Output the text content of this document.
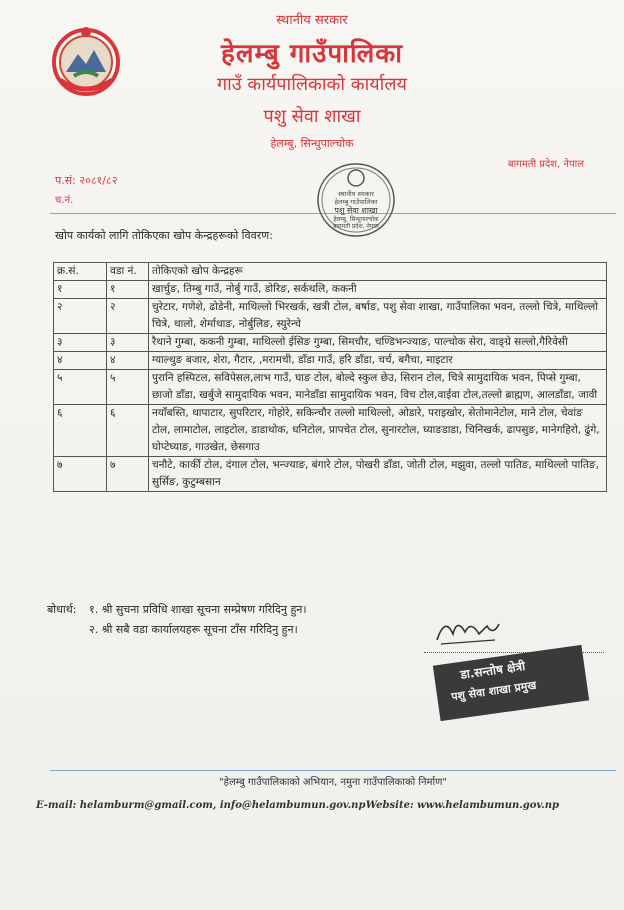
स्थानीय सरकार
हेलम्बु गाउँपालिका
गाउँ कार्यपालिकाको कार्यालय
पशु सेवा शाखा
हेलम्बु, सिन्धुपाल्चोक
बागमती प्रदेश, नेपाल
प.सं: २०८१/८२
च.नं.
स्थानीय सरकार
हेलम्बु गाउँपालिका
पशु सेवा शाखा
हेलम्बु, सिन्धुपाल्चोक
बागमती प्रदेश, नेपाल
खोप कार्यको लागि तोकिएका खोप केन्द्रहरूको विवरण:
क्र.सं.	वडा नं.	तोकिएको खोप केन्द्रहरू
१	१	खार्चुङ, तिम्बु गाउँ, नोर्बु गाउँ, डोरिङ, सर्कथलि, ककनी
२	२	चुरेटार, गणेशे, ढोडेनी, माथिल्लो भिरखर्क, खत्री टोल, बर्षाङ, पशु सेवा शाखा, गाउँपालिका भवन, तल्लो चित्रे, माथिल्लो चित्रे, थालो, शेर्माथाङ, नोर्बुलिङ, स्युरेन्चे
३	३	रैथाने गुम्बा, ककनी गुम्बा, माथिल्लो ईसिङ गुम्बा, सिमचौर, चण्डिभन्ज्याङ, पाल्चोक सेरा, वाङ्ग्रे सल्लो,गैरिवेसी
४	४	ग्याल्थुङ बजार, शेरा, गैटार, ,मरामची, डाँडा गाउँ, हरि डाँडा, चर्च, बगैचा, माइटार
५	५	पुरानि हस्पिटल, सविपेसल,लाभ गाउँ, घाङ टोल, बोल्दे स्कुल छेउ, सिरान टोल, चित्रे सामुदायिक भवन, पिप्से गुम्बा, छाजो डाँडा, खर्बुजे सामुदायिक भवन, मानेडाँडा सामुदायिक भवन, विच टोल,वाईवा टोल,तल्लो ब्राह्मण, आलडाँडा, जावी
६	६	नयाँबस्ति, थापाटार, सुपरिटार, गोहोरे, सकिन्चौर तल्लो माथिल्लो, ओडारे, पराइखोर, सेतोमानेटोल, माने टोल, चेवांङ टोल, लामाटोल, लाइटोल, डाडाथोक, धनिटोल, प्रापचेत टोल, सुनारटोल, घ्याङडाडा, चिनिखर्क, ढापसुङ, मानेगहिरो, ढुंगे, घोप्टेघ्याङ, गाउखेत, छेसगाउ
७	७	चनौटे, कार्की टोल, दंगाल टोल, भन्ज्याङ, बंगारे टोल, पोखरी डाँडा, जोती टोल, मझुवा, तल्लो पातिङ, माथिल्लो पातिङ, सुर्सिङ, कुटुम्बसान
बोधार्थ:	१. श्री सुचना प्रविधि शाखा सूचना सम्प्रेषण गरिदिनु हुन।
२. श्री सबै वडा कार्यालयहरू सूचना टाँस गरिदिनु हुन।
डा.सन्तोष क्षेत्री
पशु सेवा शाखा प्रमुख
"हेलम्बु गाउँपालिकाको अभियान, नमुना गाउँपालिकाको निर्माण"
E-mail: helamburm@gmail.com, info@helambumun.gov.np Website: www.helambumun.gov.np
